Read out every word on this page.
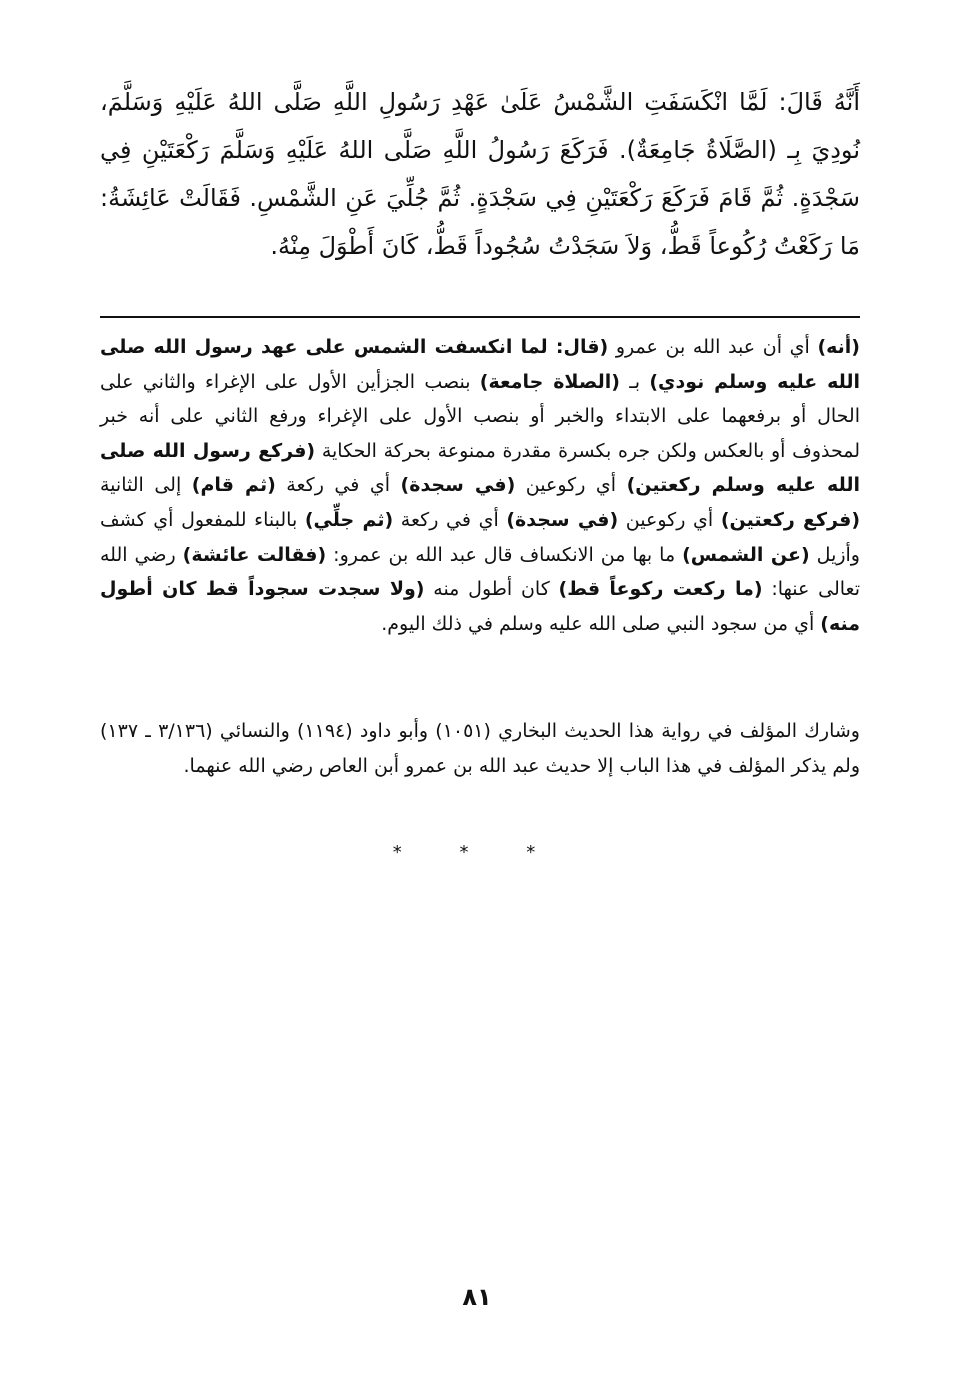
أَنَّهُ قَالَ: لَمَّا انْكَسَفَتِ الشَّمْسُ عَلَىٰ عَهْدِ رَسُولِ اللَّهِ صَلَّى اللهُ عَلَيْهِ وَسَلَّمَ، نُودِيَ بِـ (الصَّلَاةُ جَامِعَةٌ). فَرَكَعَ رَسُولُ اللَّهِ صَلَّى اللهُ عَلَيْهِ وَسَلَّمَ رَكْعَتَيْنِ فِي سَجْدَةٍ. ثُمَّ قَامَ فَرَكَعَ رَكْعَتَيْنِ فِي سَجْدَةٍ. ثُمَّ جُلِّيَ عَنِ الشَّمْسِ. فَقَالَتْ عَائِشَةُ: مَا رَكَعْتُ رُكُوعاً قَطُّ، وَلاَ سَجَدْتُ سُجُوداً قَطُّ، كَانَ أَطْوَلَ مِنْهُ.

(أنه) أي أن عبد الله بن عمرو (قال: لما انكسفت الشمس على عهد رسول الله صلى الله عليه وسلم نودي) بـ (الصلاة جامعة) بنصب الجزأين الأول على الإغراء والثاني على الحال أو برفعهما على الابتداء والخبر أو بنصب الأول على الإغراء ورفع الثاني على أنه خبر لمحذوف أو بالعكس ولكن جره بكسرة مقدرة ممنوعة بحركة الحكاية (فركع رسول الله صلى الله عليه وسلم ركعتين) أي ركوعين (في سجدة) أي في ركعة (ثم قام) إلى الثانية (فركع ركعتين) أي ركوعين (في سجدة) أي في ركعة (ثم جلِّي) بالبناء للمفعول أي كشف وأزيل (عن الشمس) ما بها من الانكساف قال عبد الله بن عمرو: (فقالت عائشة) رضي الله تعالى عنها: (ما ركعت ركوعاً قط) كان أطول منه (ولا سجدت سجوداً قط كان أطول منه) أي من سجود النبي صلى الله عليه وسلم في ذلك اليوم.

وشارك المؤلف في رواية هذا الحديث البخاري (١٠٥١) وأبو داود (١١٩٤) والنسائي (٣/١٣٦ ـ ١٣٧) ولم يذكر المؤلف في هذا الباب إلا حديث عبد الله بن عمرو أبن العاص رضي الله عنهما.

* * *
٨١
